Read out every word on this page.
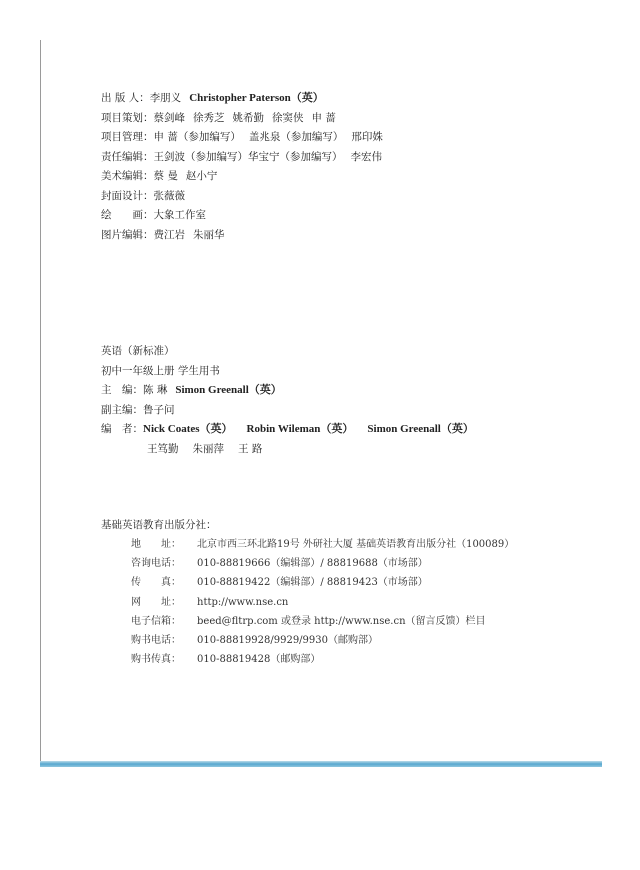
出 版 人：李朋义 Christopher Paterson（英）
项目策划：蔡剑峰 徐秀芝 姚希勤 徐窦侠 申 蔷
项目管理：申 蔷（参加编写） 盖兆泉（参加编写） 邢印姝
责任编辑：王剑波（参加编写）华宝宁（参加编写） 李宏伟
美术编辑：蔡 曼 赵小宁
封面设计：张薇薇
绘　　画：大象工作室
图片编辑：费江岩 朱丽华
英语（新标准）
初中一年级上册 学生用书
主　编：陈 琳 Simon Greenall（英）
副主编：鲁子问
编　者：Nick Coates（英） Robin Wileman（英） Simon Greenall（英）
王笃勤 朱丽萍 王 路
基础英语教育出版分社：
地　　址： 北京市西三环北路19号 外研社大厦 基础英语教育出版分社（100089）
咨询电话： 010-88819666（编辑部）/ 88819688（市场部）
传　　真： 010-88819422（编辑部）/ 88819423（市场部）
网　　址： http://www.nse.cn
电子信箱： beed@fltrp.com 或登录 http://www.nse.cn（留言反馈）栏目
购书电话： 010-88819928/9929/9930（邮购部）
购书传真： 010-88819428（邮购部）
